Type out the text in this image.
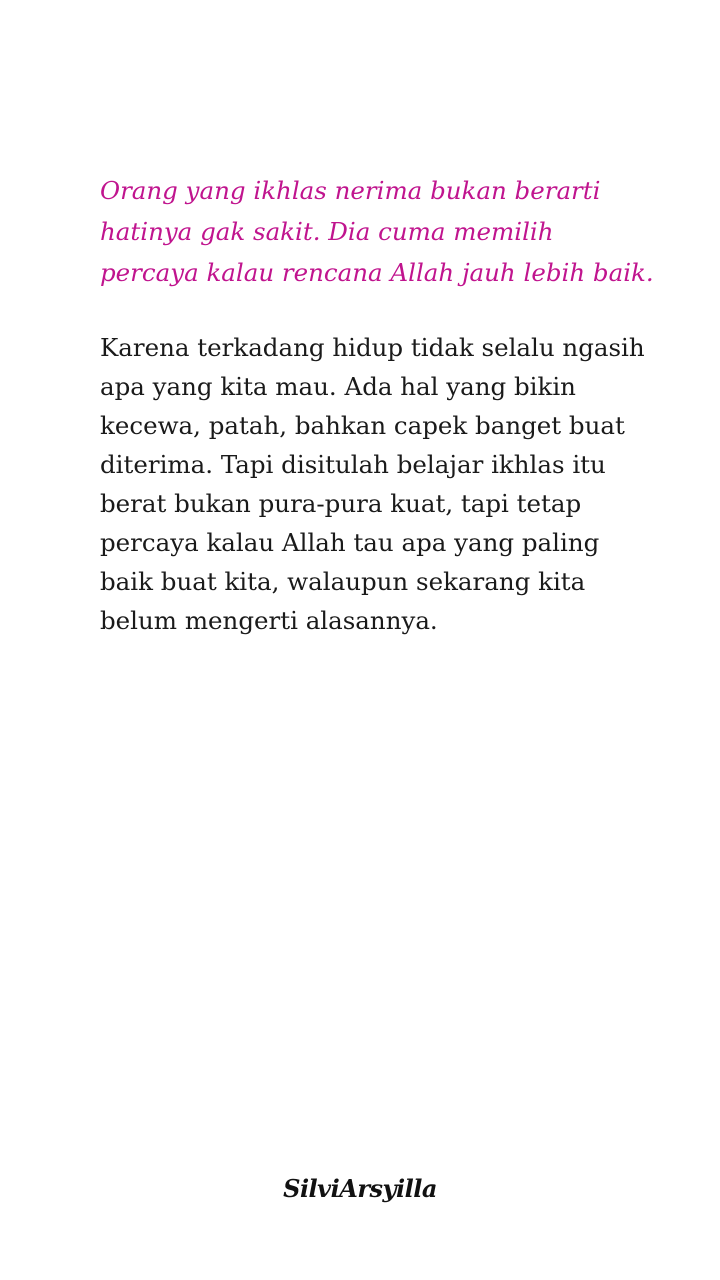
Orang yang ikhlas nerima bukan berarti
hatinya gak sakit. Dia cuma memilih
percaya kalau rencana Allah jauh lebih baik.

Karena terkadang hidup tidak selalu ngasih
apa yang kita mau. Ada hal yang bikin
kecewa, patah, bahkan capek banget buat
diterima. Tapi disitulah belajar ikhlas itu
berat bukan pura-pura kuat, tapi tetap
percaya kalau Allah tau apa yang paling
baik buat kita, walaupun sekarang kita
belum mengerti alasannya.

SilviArsyilla
